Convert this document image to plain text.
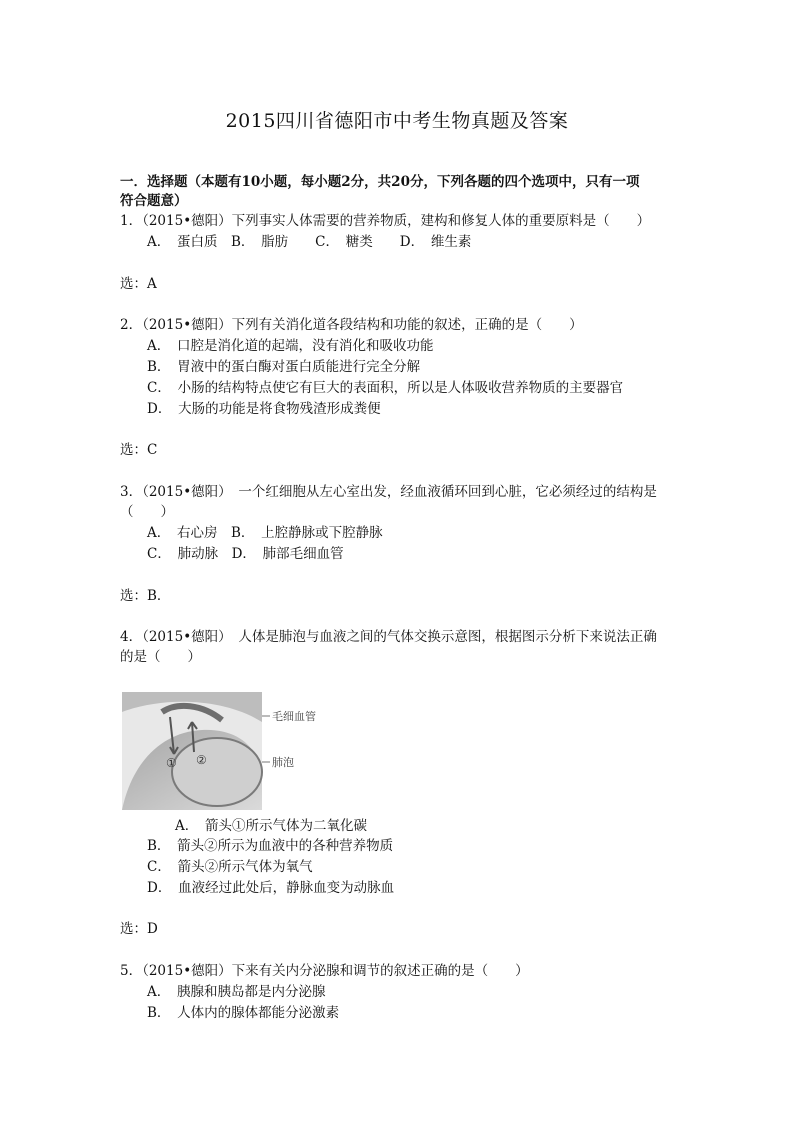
2015四川省德阳市中考生物真题及答案
一．选择题（本题有10小题，每小题2分，共20分，下列各题的四个选项中，只有一项
符合题意）
1．（2015•德阳）下列事实人体需要的营养物质，建构和修复人体的重要原料是（　　）
A．　蛋白质　B．　脂肪　　C．　糖类　　D．　维生素
选：A
2．（2015•德阳）下列有关消化道各段结构和功能的叙述，正确的是（　　）
A．　口腔是消化道的起端，没有消化和吸收功能
B．　胃液中的蛋白酶对蛋白质能进行完全分解
C．　小肠的结构特点使它有巨大的表面积，所以是人体吸收营养物质的主要器官
D．　大肠的功能是将食物残渣形成粪便
选：C
3．（2015•德阳）　一个红细胞从左心室出发，经血液循环回到心脏，它必须经过的结构是
（　　）
A．　右心房　B．　上腔静脉或下腔静脉
C．　肺动脉　D．　肺部毛细血管
选：B．
4．（2015•德阳）　人体是肺泡与血液之间的气体交换示意图，根据图示分析下来说法正确
的是（　　）
毛细血管
肺泡
① ②
A．　箭头①所示气体为二氧化碳
B．　箭头②所示为血液中的各种营养物质
C．　箭头②所示气体为氧气
D．　血液经过此处后，静脉血变为动脉血
选：D
5．（2015•德阳）下来有关内分泌腺和调节的叙述正确的是（　　）
A．　胰腺和胰岛都是内分泌腺
B．　人体内的腺体都能分泌激素
